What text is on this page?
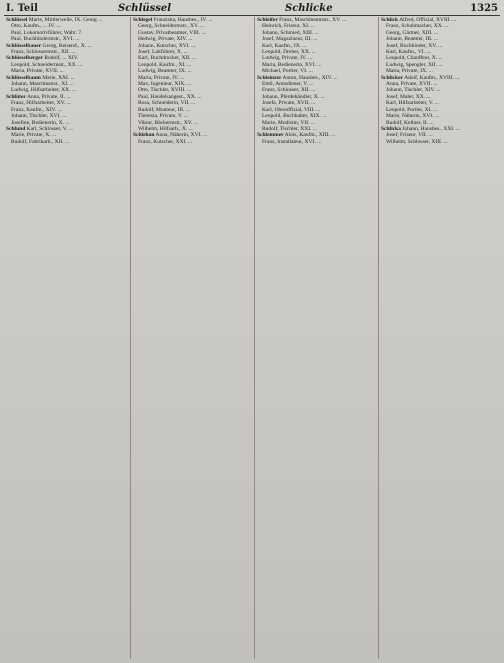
I. Teil	Schlüssel	Schlicke	1325
Schlüssel Marie, Mittlerweile, IX. Georg ...
Otto, Kaufm., ... IV. ...
Paul, Lokomotivführer, Waltr. 7.
Paul, Buchbindermstr., XVI. ...
Schlüsselbauer Georg, Reisend., X. ...
Franz, Schlossermstr., XII. ...
Schlüsselberger Rudolf, ... XIV.
Leopold, Schneidermstr., XX. ...
Maria, Private, XVII. ...
Schlüsselbaum Marie, XXI. ...
Johann, Maschinenst., XI. ...
Ludwig, Hilfsarbeiter, XX. ...
Schlüter Anna, Private, II. ...
Franz, Hilfsarbeiter, XV. ...
Franz, Kaufm., XIV. ...
Johann, Tischler, XVI. ...
Josefine, Bedienerin, X. ...
Schlund Karl, Schlosser, V. ...
Marie, Private, X. ...
Rudolf, Fabrikarb., XII. ...
Schlegel Franziska, Hausbes., IV. ...
Georg, Schneidermstr., XV. ...
Gustav, Privatbeamter, VIII. ...
Hedwig, Private, XIV. ...
Johann, Kutscher, XVI. ...
Josef, Lokführer, X. ...
Karl, Buchdrucker, XII. ...
Leopold, Kaufm., XI. ...
Ludwig, Beamter, IX. ...
Maria, Private, IV. ...
Max, Ingenieur, XIX. ...
Otto, Tischler, XVIII. ...
Paul, Handelsangest., XX. ...
Rosa, Schneiderin, VII. ...
Rudolf, Monteur, III. ...
Theresia, Private, V. ...
Viktor, Bäckermstr., XV. ...
Wilhelm, Hilfsarb., X. ...
Schlehan Anna, Näherin, XVI. ...
Franz, Kutscher, XXI. ...
Schleifer Franz, Maschinenmstr., XV. ...
Heinrich, Friseur, XI. ...
Johann, Schmied, XIII. ...
Josef, Magazineur, III. ...
Karl, Kaufm., IX. ...
Leopold, Dreher, XX. ...
Ludwig, Private, IV. ...
Maria, Bedienerin, XVI. ...
Michael, Portier, VI. ...
Schleinzer Anton, Hausbes., XIV. ...
Emil, Amtsdiener, V. ...
Franz, Schlosser, XII. ...
Johann, Pferdehändler, X. ...
Josefa, Private, XVII. ...
Karl, Oberoffizial, VIII. ...
Leopold, Buchhalter, XIX. ...
Marie, Modistin, VII. ...
Rudolf, Tischler, XXI. ...
Schlemmer Alois, Kaufm., XIII. ...
Franz, Installateur, XVI. ...
Schlick Alfred, Offizial, XVIII. ...
Franz, Schuhmacher, XX. ...
Georg, Gärtner, XIII. ...
Johann, Beamter, III. ...
Josef, Buchbinder, XV. ...
Karl, Kaufm., VI. ...
Leopold, Chauffeur, X. ...
Ludwig, Spengler, XII. ...
Maria, Private, IX. ...
Schlicker Adolf, Kaufm., XVIII. ...
Anna, Private, XVII. ...
Johann, Tischler, XIV. ...
Josef, Maler, XX. ...
Karl, Hilfsarbeiter, V. ...
Leopold, Portier, XI. ...
Marie, Näherin, XVI. ...
Rudolf, Kellner, II. ...
Schlicka Johann, Hausbes., XXI. ...
Josef, Friseur, VII. ...
Wilhelm, Schlosser, XIII. ...
